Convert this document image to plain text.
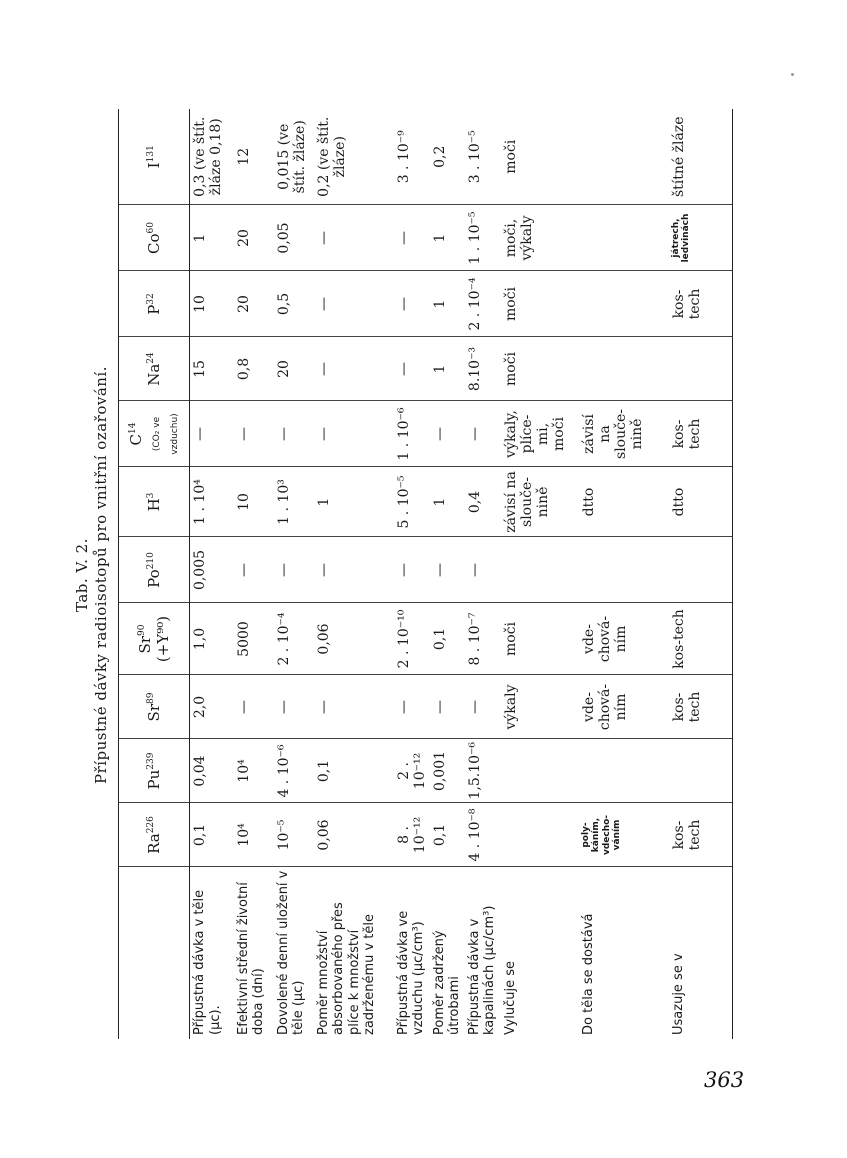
Tab. V. 2. Přípustné dávky radioisotopů pro vnitřní ozařování.
	Ra$^{226}$	Pu$^{239}$	Sr$^{89}$	Sr$^{90}$ (+Y⁹⁰)	Po$^{210}$	$H^3$	$C^{14}$ (CO₂ ve vzduchu)	Na$^{24}$	$P^{32}$	Co$^{60}$	$I^{131}$
Přípustná dávka v těle (μc).	0,1	0,04	2,0	1,0	0,005	1 . 10⁴	—	15	10	1	0,3 (ve štít. žláze 0,18)
Efektivní střední životní doba (dní)	10⁴	10⁴	—	5000	—	10	—	0,8	20	20	12
Dovolené denní uložení v těle (μc)	10⁻⁵	4 . 10⁻⁶	—	2 . 10⁻⁴	—	1 . 10³	—	20	0,5	0,05	0,015 (ve štít. žláze)
Poměr množství absorbovaného přes plíce k množství zadrženému v těle	0,06	0,1	—	0,06	—	1	—	—	—	—	0,2 (ve štít. žláze)
Přípustná dávka ve vzduchu (μc/cm³)	8 . 10⁻¹²	2 . 10⁻¹²	—	2 . 10⁻¹⁰	—	5 . 10⁻⁵	1 . 10⁻⁶	—	—	—	3 . 10⁻⁹
Poměr zadržený útrobami	0,1	0,001	—	0,1	—	1	—	1	1	1	0,2
Přípustná dávka v kapalinách (μc/cm³)	4 . 10⁻⁸	1,5.10⁻⁶	—	8 . 10⁻⁷	—	0,4	—	8.10⁻³	2 . 10⁻⁴	1 . 10⁻⁵	3 . 10⁻⁵
Vylučuje se			výkaly	moči		závisí na slouče-nině	výkaly, plíce-mi, moči	moči	moči	moči, výkaly	moči
Do těla se dostává	poly-káním, vdecho-váním		vde-chová-ním	vde-chová-ním		dtto	závisí na slouče-nině				
Usazuje se v	kos-tech		kos-tech	kos-tech		dtto	kos-tech		kos-tech	játrech, ledvinách	štítné žláze
363
